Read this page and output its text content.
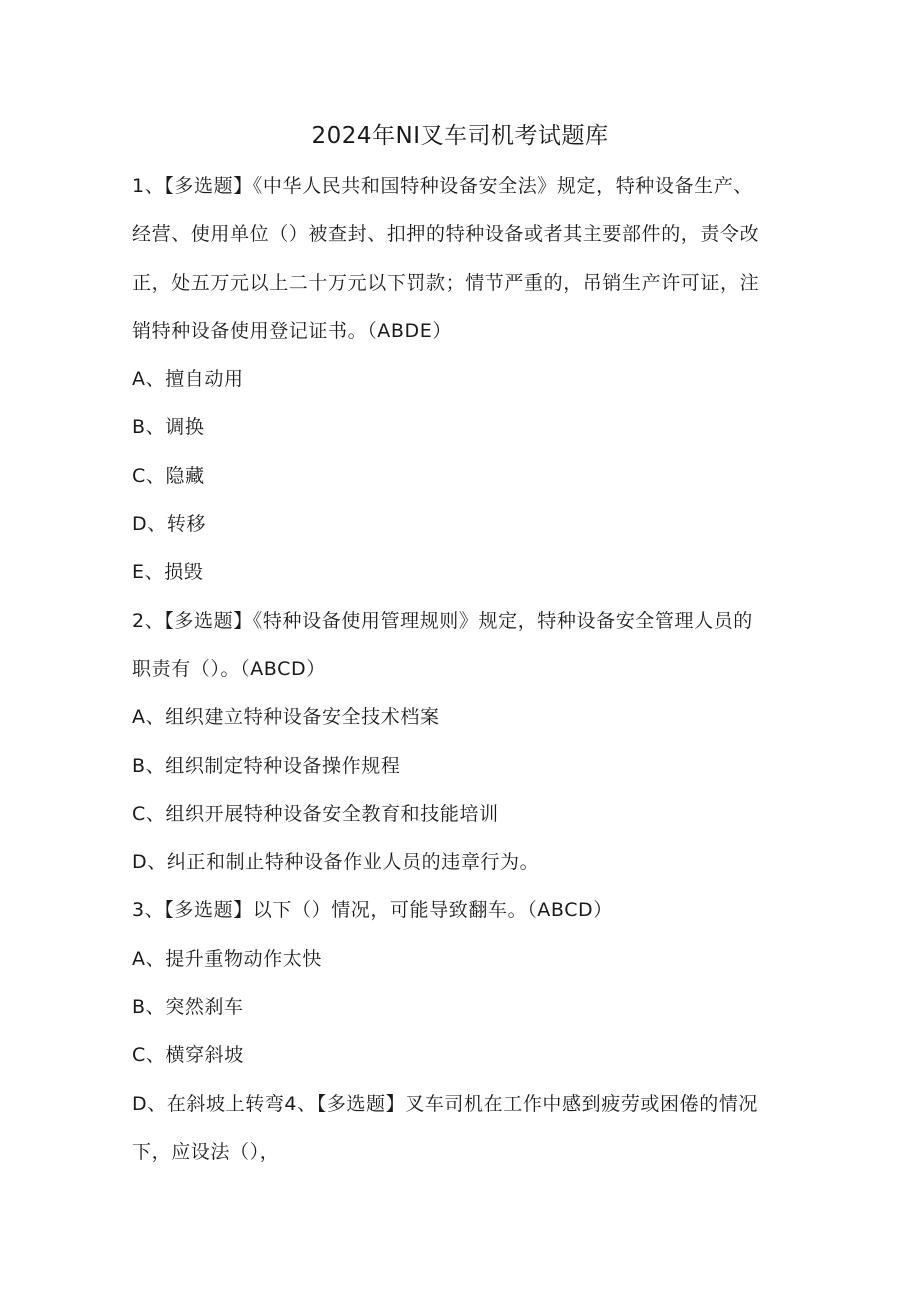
2024年NI叉车司机考试题库
1、【多选题】《中华人民共和国特种设备安全法》规定，特种设备生产、
经营、使用单位（）被查封、扣押的特种设备或者其主要部件的，责令改
正，处五万元以上二十万元以下罚款；情节严重的，吊销生产许可证，注
销特种设备使用登记证书。（ABDE）
A、擅自动用
B、调换
C、隐藏
D、转移
E、损毁
2、【多选题】《特种设备使用管理规则》规定，特种设备安全管理人员的
职责有（）。（ABCD）
A、组织建立特种设备安全技术档案
B、组织制定特种设备操作规程
C、组织开展特种设备安全教育和技能培训
D、纠正和制止特种设备作业人员的违章行为。
3、【多选题】以下（）情况，可能导致翻车。（ABCD）
A、提升重物动作太快
B、突然刹车
C、横穿斜坡
D、在斜坡上转弯4、【多选题】叉车司机在工作中感到疲劳或困倦的情况
下，应设法（），
